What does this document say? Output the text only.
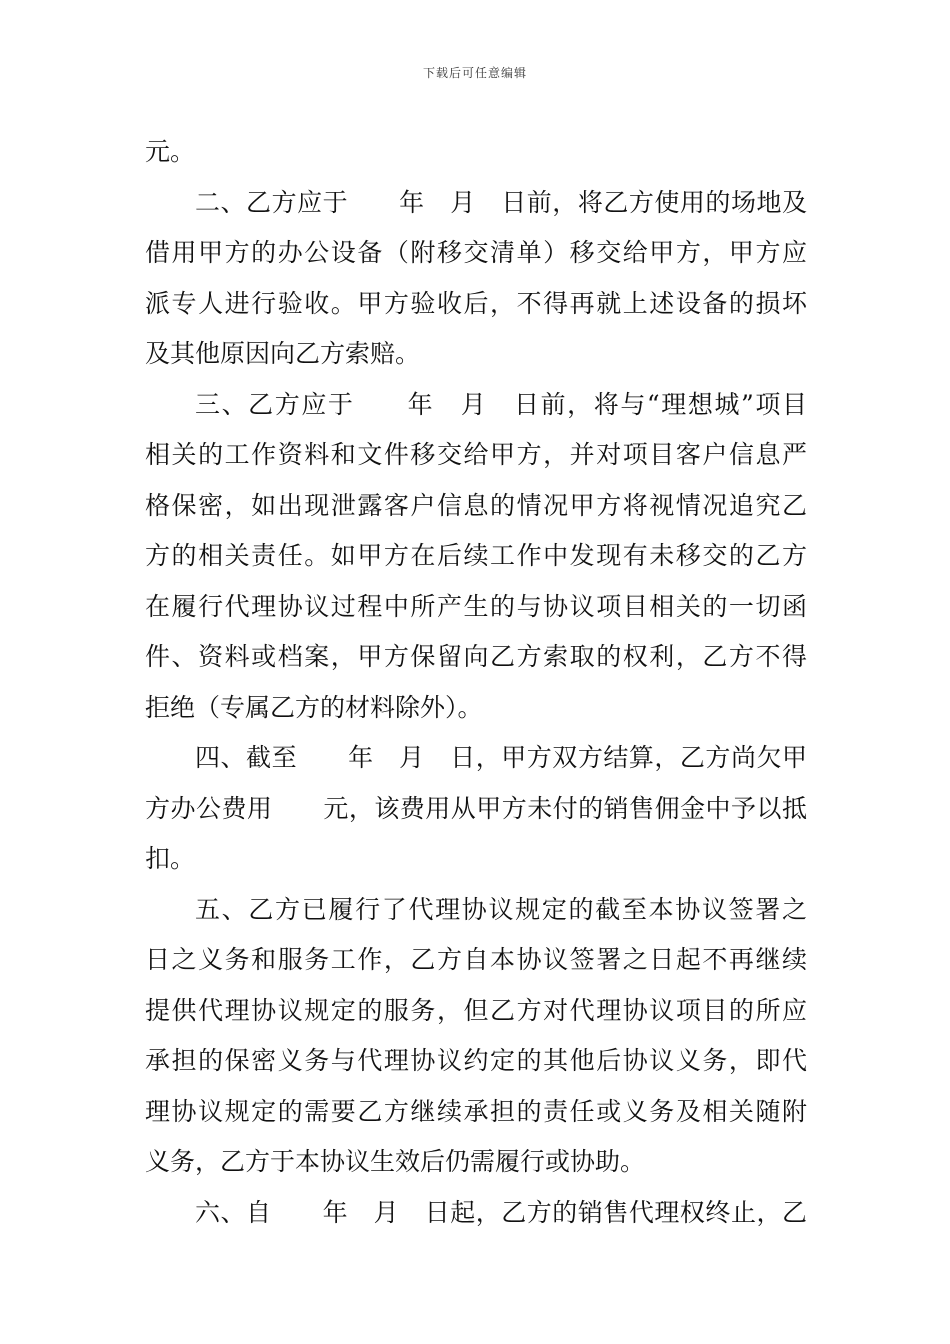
下载后可任意编辑
元。
二、乙方应于　　年　月　日前，将乙方使用的场地及
借用甲方的办公设备（附移交清单）移交给甲方，甲方应
派专人进行验收。甲方验收后，不得再就上述设备的损坏
及其他原因向乙方索赔。
三、乙方应于　　年　月　日前，将与“理想城”项目
相关的工作资料和文件移交给甲方，并对项目客户信息严
格保密，如出现泄露客户信息的情况甲方将视情况追究乙
方的相关责任。如甲方在后续工作中发现有未移交的乙方
在履行代理协议过程中所产生的与协议项目相关的一切函
件、资料或档案，甲方保留向乙方索取的权利，乙方不得
拒绝（专属乙方的材料除外）。
四、截至　　年　月　日，甲方双方结算，乙方尚欠甲
方办公费用　　元，该费用从甲方未付的销售佣金中予以抵
扣。
五、乙方已履行了代理协议规定的截至本协议签署之
日之义务和服务工作，乙方自本协议签署之日起不再继续
提供代理协议规定的服务，但乙方对代理协议项目的所应
承担的保密义务与代理协议约定的其他后协议义务，即代
理协议规定的需要乙方继续承担的责任或义务及相关随附
义务，乙方于本协议生效后仍需履行或协助。
六、自　　年　月　日起，乙方的销售代理权终止，乙
